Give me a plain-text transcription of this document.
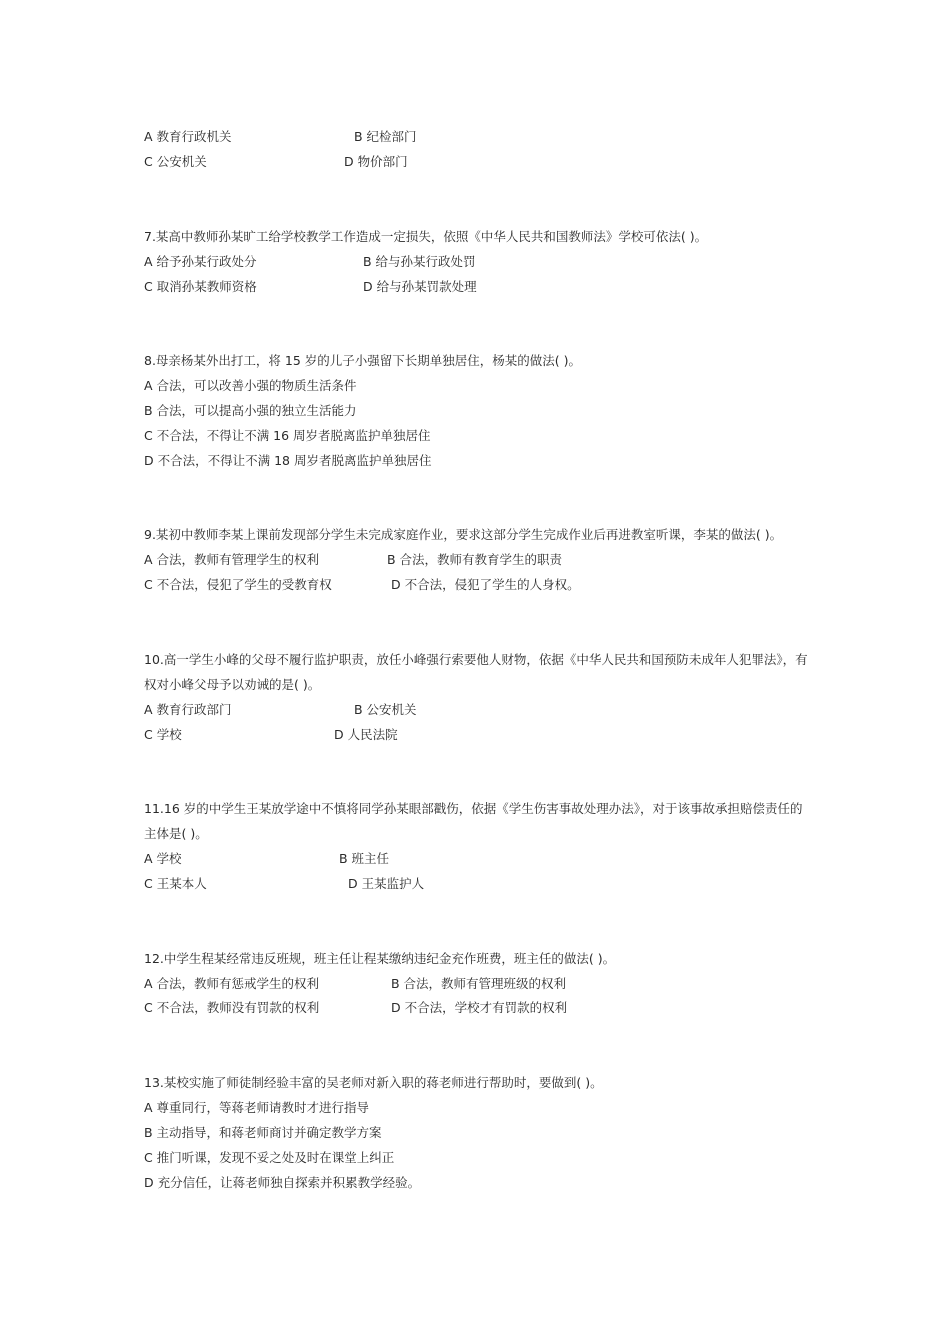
A 教育行政机关	B 纪检部门
C 公安机关	D 物价部门
7.某高中教师孙某旷工给学校教学工作造成一定损失，依照《中华人民共和国教师法》学校可依法( )。
A 给予孙某行政处分	B 给与孙某行政处罚
C 取消孙某教师资格	D 给与孙某罚款处理
8.母亲杨某外出打工，将 15 岁的儿子小强留下长期单独居住，杨某的做法( )。
A 合法，可以改善小强的物质生活条件
B 合法，可以提高小强的独立生活能力
C 不合法，不得让不满 16 周岁者脱离监护单独居住
D 不合法，不得让不满 18 周岁者脱离监护单独居住
9.某初中教师李某上课前发现部分学生未完成家庭作业，要求这部分学生完成作业后再进教室听课，李某的做法( )。
A 合法，教师有管理学生的权利	B 合法，教师有教育学生的职责
C 不合法，侵犯了学生的受教育权	D 不合法，侵犯了学生的人身权。
10.高一学生小峰的父母不履行监护职责，放任小峰强行索要他人财物，依据《中华人民共和国预防未成年人犯罪法》，有权对小峰父母予以劝诫的是( )。
A 教育行政部门	B 公安机关
C 学校	D 人民法院
11.16 岁的中学生王某放学途中不慎将同学孙某眼部戳伤，依据《学生伤害事故处理办法》，对于该事故承担赔偿责任的主体是( )。
A 学校	B 班主任
C 王某本人	D 王某监护人
12.中学生程某经常违反班规，班主任让程某缴纳违纪金充作班费，班主任的做法( )。
A 合法，教师有惩戒学生的权利	B 合法，教师有管理班级的权利
C 不合法，教师没有罚款的权利	D 不合法，学校才有罚款的权利
13.某校实施了师徒制经验丰富的吴老师对新入职的蒋老师进行帮助时，要做到( )。
A 尊重同行，等蒋老师请教时才进行指导
B 主动指导，和蒋老师商讨并确定教学方案
C 推门听课，发现不妥之处及时在课堂上纠正
D 充分信任，让蒋老师独自探索并积累教学经验。
